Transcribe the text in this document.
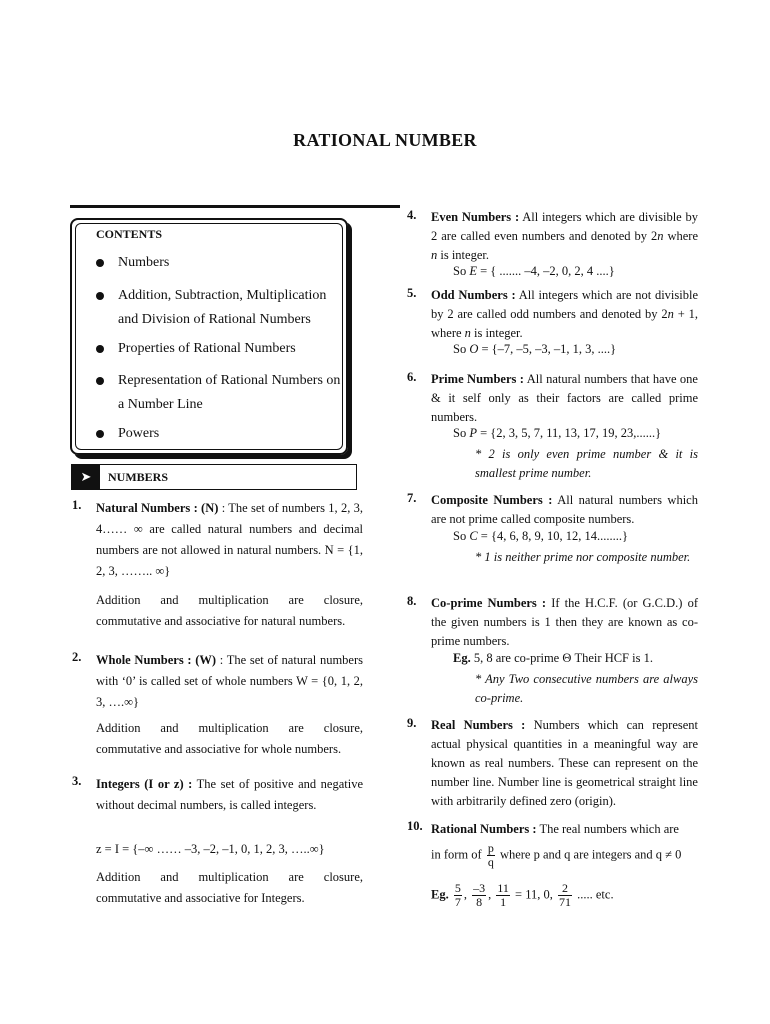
RATIONAL NUMBER
CONTENTS
Numbers
Addition, Subtraction, Multiplication and Division of Rational Numbers
Properties of Rational Numbers
Representation of Rational Numbers on a Number Line
Powers
➤	NUMBERS
1. Natural Numbers : (N) : The set of numbers 1, 2, 3, 4…… ∞ are called natural numbers and decimal numbers are not allowed in natural numbers. N = {1, 2, 3, …….. ∞}
Addition and multiplication are closure, commutative and associative for natural numbers.
2. Whole Numbers : (W) : The set of natural numbers with ‘0’ is called set of whole numbers W = {0, 1, 2, 3, ….∞}
Addition and multiplication are closure, commutative and associative for whole numbers.
3. Integers (I or z) : The set of positive and negative without decimal numbers, is called integers.
z = I = {–∞ …… –3, –2, –1, 0, 1, 2, 3, …..∞}
Addition and multiplication are closure, commutative and associative for Integers.
4. Even Numbers : All integers which are divisible by 2 are called even numbers and denoted by 2n where n is integer.
So E = { ....... –4, –2, 0, 2, 4 ....}
5. Odd Numbers : All integers which are not divisible by 2 are called odd numbers and denoted by 2n + 1, where n is integer.
So O = {–7, –5, –3, –1, 1, 3, ....}
6. Prime Numbers : All natural numbers that have one & it self only as their factors are called prime numbers.
So P = {2, 3, 5, 7, 11, 13, 17, 19, 23,......}
* 2 is only even prime number & it is smallest prime number.
7. Composite Numbers : All natural numbers which are not prime called composite numbers.
So C = {4, 6, 8, 9, 10, 12, 14........}
* 1 is neither prime nor composite number.
8. Co-prime Numbers : If the H.C.F. (or G.C.D.) of the given numbers is 1 then they are known as co-prime numbers.
Eg. 5, 8 are co-prime Θ Their HCF is 1.
* Any Two consecutive numbers are always co-prime.
9. Real Numbers : Numbers which can represent actual physical quantities in a meaningful way are known as real numbers. These can represent on the number line. Number line is geometrical straight line with arbitrarily defined zero (origin).
10. Rational Numbers : The real numbers which are
in form of $\frac{p}{q}$ where p and q are integers and q ≠ 0
Eg. $\frac{5}{7}$ , $\frac{-3}{8}$ , $\frac{11}{1} = 11$, 0, $\frac{2}{71}$ ..... etc.
